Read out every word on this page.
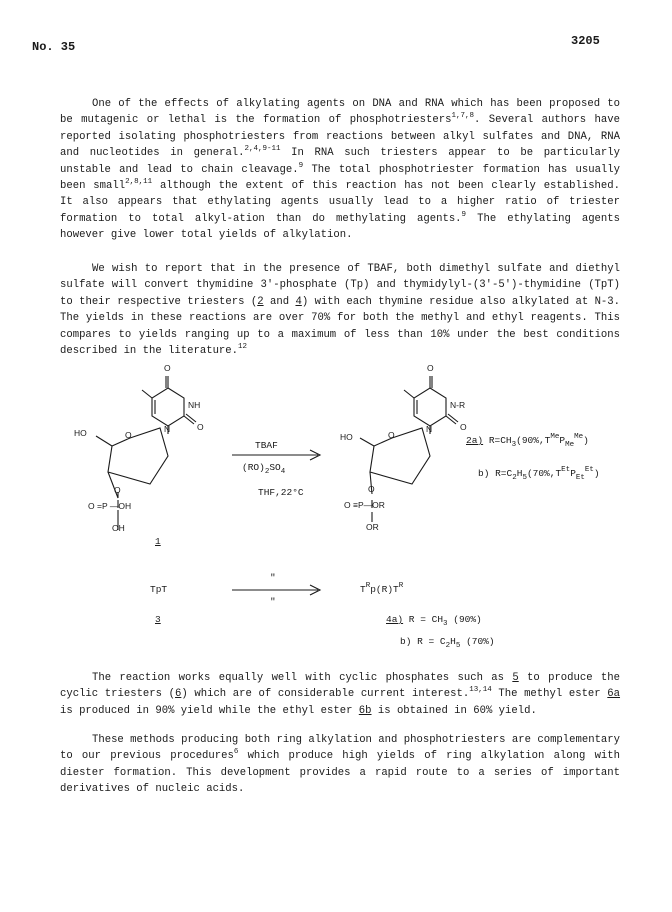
No. 35	3205

One of the effects of alkylating agents on DNA and RNA which has been proposed to be mutagenic or lethal is the formation of phosphotriesters$^{1,7,8}$. Several authors have reported isolating phosphotriesters from reactions between alkyl sulfates and DNA, RNA and nucleotides in general.$^{2,4,9-11}$ In RNA such triesters appear to be particularly unstable and lead to chain cleavage.$^9$ The total phosphotriester formation has usually been small$^{2,8,11}$ although the extent of this reaction has not been clearly established. It also appears that ethylating agents usually lead to a higher ratio of triester formation to total alkyl-ation than do methylating agents.$^9$ The ethylating agents however give lower total yields of alkylation.

We wish to report that in the presence of TBAF, both dimethyl sulfate and diethyl sulfate will convert thymidine 3'-phosphate (Tp) and thymidylyl-(3'-5')-thymidine (TpT) to their respective triesters (2 and 4) with each thymine residue also alkylated at N-3. The yields in these reactions are over 70% for both the methyl and ethyl reagents. This compares to yields ranging up to a maximum of less than 10% under the best conditions described in the literature.$^{12}$

O
NH
O
N
HO	O
O
O =P —OH
OH
1
TBAF
$(RO)_2SO_4$
THF,22°C
O
N-R
O
N
HO	O
O
O ≡P—OR
OR
2a) $R=CH_3(90\%,T^{Me}P_{Me}^{Me})$
b) $R=C_2H_5(70\%,T^{Et}P_{Et}^{Et})$
TpT
"
"
3
$T^Rp(R)T^R$
4a) $R = CH_3$ (90%)
b) $R = C_2H_5$ (70%)

The reaction works equally well with cyclic phosphates such as 5 to produce the cyclic triesters (6) which are of considerable current interest.$^{13,14}$ The methyl ester 6a is produced in 90% yield while the ethyl ester 6b is obtained in 60% yield.

These methods producing both ring alkylation and phosphotriesters are complementary to our previous procedures$^6$ which produce high yields of ring alkylation along with diester formation. This development provides a rapid route to a series of important derivatives of nucleic acids.
